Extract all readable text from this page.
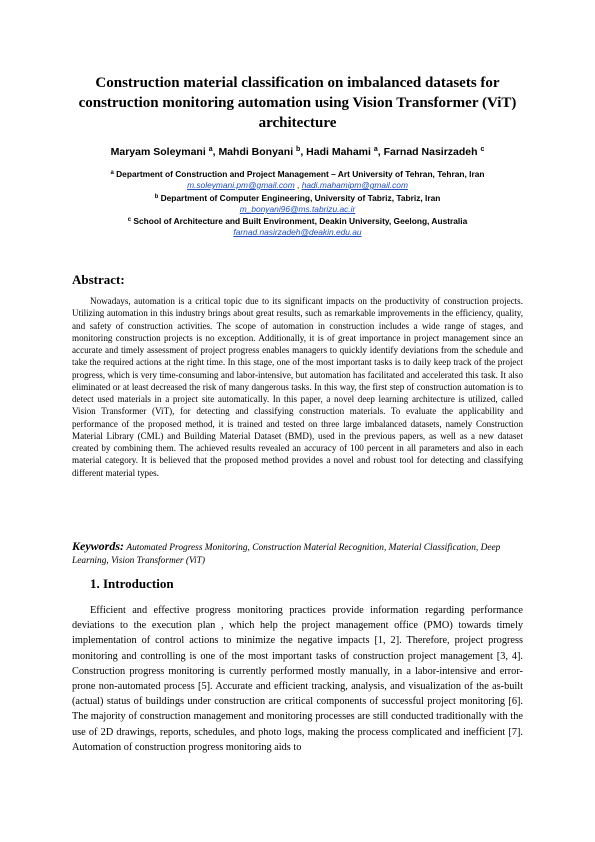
Construction material classification on imbalanced datasets for construction monitoring automation using Vision Transformer (ViT) architecture
Maryam Soleymani $^a$, Mahdi Bonyani $^b$, Hadi Mahami $^a$, Farnad Nasirzadeh $^c$
$^a$ Department of Construction and Project Management – Art University of Tehran, Tehran, Iran
m.soleymani.pm@gmail.com , hadi.mahamipm@gmail.com
$^b$ Department of Computer Engineering, University of Tabriz, Tabriz, Iran
m_bonyani96@ms.tabrizu.ac.ir
$^c$ School of Architecture and Built Environment, Deakin University, Geelong, Australia
farnad.nasirzadeh@deakin.edu.au
Abstract:
Nowadays, automation is a critical topic due to its significant impacts on the productivity of construction projects. Utilizing automation in this industry brings about great results, such as remarkable improvements in the efficiency, quality, and safety of construction activities. The scope of automation in construction includes a wide range of stages, and monitoring construction projects is no exception. Additionally, it is of great importance in project management since an accurate and timely assessment of project progress enables managers to quickly identify deviations from the schedule and take the required actions at the right time. In this stage, one of the most important tasks is to daily keep track of the project progress, which is very time-consuming and labor-intensive, but automation has facilitated and accelerated this task. It also eliminated or at least decreased the risk of many dangerous tasks. In this way, the first step of construction automation is to detect used materials in a project site automatically. In this paper, a novel deep learning architecture is utilized, called Vision Transformer (ViT), for detecting and classifying construction materials. To evaluate the applicability and performance of the proposed method, it is trained and tested on three large imbalanced datasets, namely Construction Material Library (CML) and Building Material Dataset (BMD), used in the previous papers, as well as a new dataset created by combining them. The achieved results revealed an accuracy of 100 percent in all parameters and also in each material category. It is believed that the proposed method provides a novel and robust tool for detecting and classifying different material types.
Keywords: Automated Progress Monitoring, Construction Material Recognition, Material Classification, Deep Learning, Vision Transformer (ViT)
1. Introduction
Efficient and effective progress monitoring practices provide information regarding performance deviations to the execution plan , which help the project management office (PMO) towards timely implementation of control actions to minimize the negative impacts [1, 2]. Therefore, project progress monitoring and controlling is one of the most important tasks of construction project management [3, 4]. Construction progress monitoring is currently performed mostly manually, in a labor-intensive and error-prone non-automated process [5]. Accurate and efficient tracking, analysis, and visualization of the as-built (actual) status of buildings under construction are critical components of successful project monitoring [6]. The majority of construction management and monitoring processes are still conducted traditionally with the use of 2D drawings, reports, schedules, and photo logs, making the process complicated and inefficient [7]. Automation of construction progress monitoring aids to
